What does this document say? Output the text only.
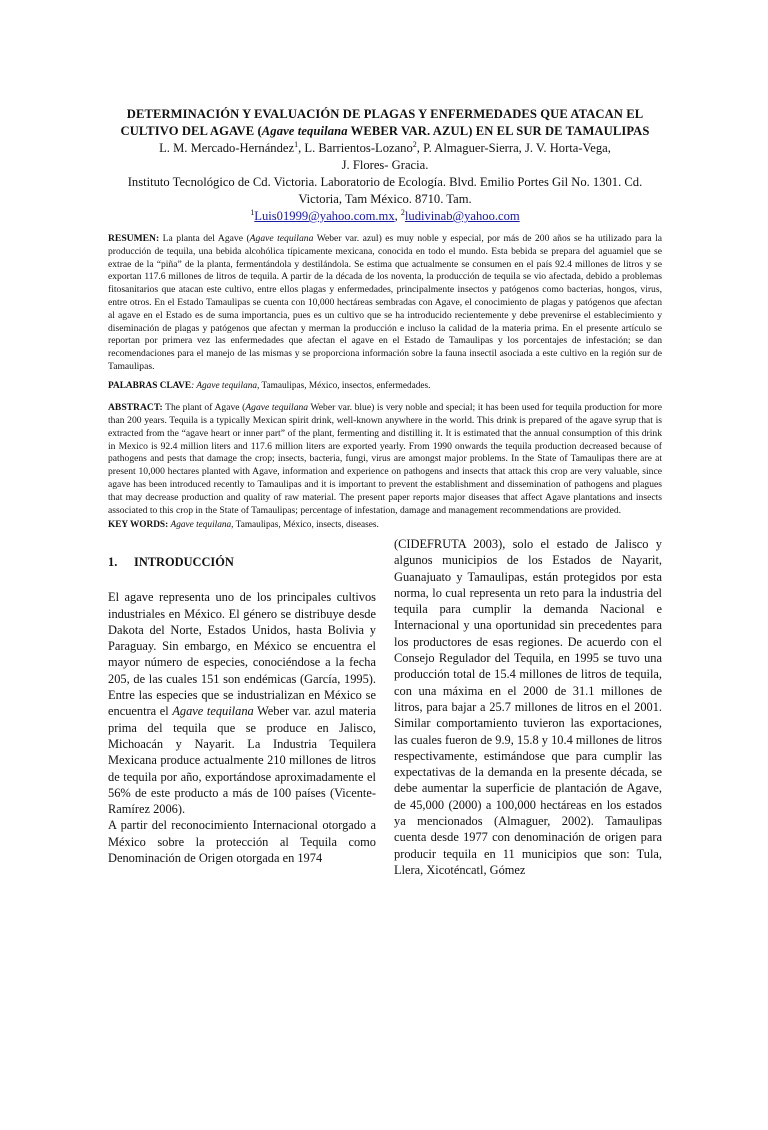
DETERMINACIÓN Y EVALUACIÓN DE PLAGAS Y ENFERMEDADES QUE ATACAN EL
CULTIVO DEL AGAVE (Agave tequilana WEBER VAR. AZUL) EN EL SUR DE TAMAULIPAS
L. M. Mercado-Hernández$^1$, L. Barrientos-Lozano$^2$, P. Almaguer-Sierra, J. V. Horta-Vega,
J. Flores- Gracia.
Instituto Tecnológico de Cd. Victoria. Laboratorio de Ecología. Blvd. Emilio Portes Gil No. 1301. Cd.
Victoria, Tam México. 8710. Tam.
$^1$Luis01999@yahoo.com.mx, $^2$ludivinab@yahoo.com
RESUMEN: La planta del Agave (Agave tequilana Weber var. azul) es muy noble y especial, por más de 200 años se ha utilizado para la producción de tequila, una bebida alcohólica típicamente mexicana, conocida en todo el mundo. Esta bebida se prepara del aguamiel que se extrae de la “piña” de la planta, fermentándola y destilándola. Se estima que actualmente se consumen en el país 92.4 millones de litros y se exportan 117.6 millones de litros de tequila. A partir de la década de los noventa, la producción de tequila se vio afectada, debido a problemas fitosanitarios que atacan este cultivo, entre ellos plagas y enfermedades, principalmente insectos y patógenos como bacterias, hongos, virus, entre otros. En el Estado Tamaulipas se cuenta con 10,000 hectáreas sembradas con Agave, el conocimiento de plagas y patógenos que afectan al agave en el Estado es de suma importancia, pues es un cultivo que se ha introducido recientemente y debe prevenirse el establecimiento y diseminación de plagas y patógenos que afectan y merman la producción e incluso la calidad de la materia prima. En el presente artículo se reportan por primera vez las enfermedades que afectan el agave en el Estado de Tamaulipas y los porcentajes de infestación; se dan recomendaciones para el manejo de las mismas y se proporciona información sobre la fauna insectil asociada a este cultivo en la región sur de Tamaulipas.
PALABRAS CLAVE: Agave tequilana, Tamaulipas, México, insectos, enfermedades.
ABSTRACT: The plant of Agave (Agave tequilana Weber var. blue) is very noble and special; it has been used for tequila production for more than 200 years. Tequila is a typically Mexican spirit drink, well-known anywhere in the world. This drink is prepared of the agave syrup that is extracted from the “agave heart or inner part” of the plant, fermenting and distilling it. It is estimated that the annual consumption of this drink in Mexico is 92.4 million liters and 117.6 million liters are exported yearly. From 1990 onwards the tequila production decreased because of pathogens and pests that damage the crop; insects, bacteria, fungi, virus are amongst major problems. In the State of Tamaulipas there are at present 10,000 hectares planted with Agave, information and experience on pathogens and insects that attack this crop are very valuable, since agave has been introduced recently to Tamaulipas and it is important to prevent the establishment and dissemination of pathogens and plagues that may decrease production and quality of raw material. The present paper reports major diseases that affect Agave plantations and insects associated to this crop in the State of Tamaulipas; percentage of infestation, damage and management recommendations are provided.
KEY WORDS: Agave tequilana, Tamaulipas, México, insects, diseases.
1. INTRODUCCIÓN

El agave representa uno de los principales cultivos industriales en México. El género se distribuye desde Dakota del Norte, Estados Unidos, hasta Bolivia y Paraguay. Sin embargo, en México se encuentra el mayor número de especies, conociéndose a la fecha 205, de las cuales 151 son endémicas (García, 1995). Entre las especies que se industrializan en México se encuentra el Agave tequilana Weber var. azul materia prima del tequila que se produce en Jalisco, Michoacán y Nayarit. La Industria Tequilera Mexicana produce actualmente 210 millones de litros de tequila por año, exportándose aproximadamente el 56% de este producto a más de 100 países (Vicente-Ramírez 2006).

A partir del reconocimiento Internacional otorgado a México sobre la protección al Tequila como Denominación de Origen otorgada en 1974

(CIDEFRUTA 2003), solo el estado de Jalisco y algunos municipios de los Estados de Nayarit, Guanajuato y Tamaulipas, están protegidos por esta norma, lo cual representa un reto para la industria del tequila para cumplir la demanda Nacional e Internacional y una oportunidad sin precedentes para los productores de esas regiones. De acuerdo con el Consejo Regulador del Tequila, en 1995 se tuvo una producción total de 15.4 millones de litros de tequila, con una máxima en el 2000 de 31.1 millones de litros, para bajar a 25.7 millones de litros en el 2001. Similar comportamiento tuvieron las exportaciones, las cuales fueron de 9.9, 15.8 y 10.4 millones de litros respectivamente, estimándose que para cumplir las expectativas de la demanda en la presente década, se debe aumentar la superficie de plantación de Agave, de 45,000 (2000) a 100,000 hectáreas en los estados ya mencionados (Almaguer, 2002). Tamaulipas cuenta desde 1977 con denominación de origen para producir tequila en 11 municipios que son: Tula, Llera, Xicoténcatl, Gómez
